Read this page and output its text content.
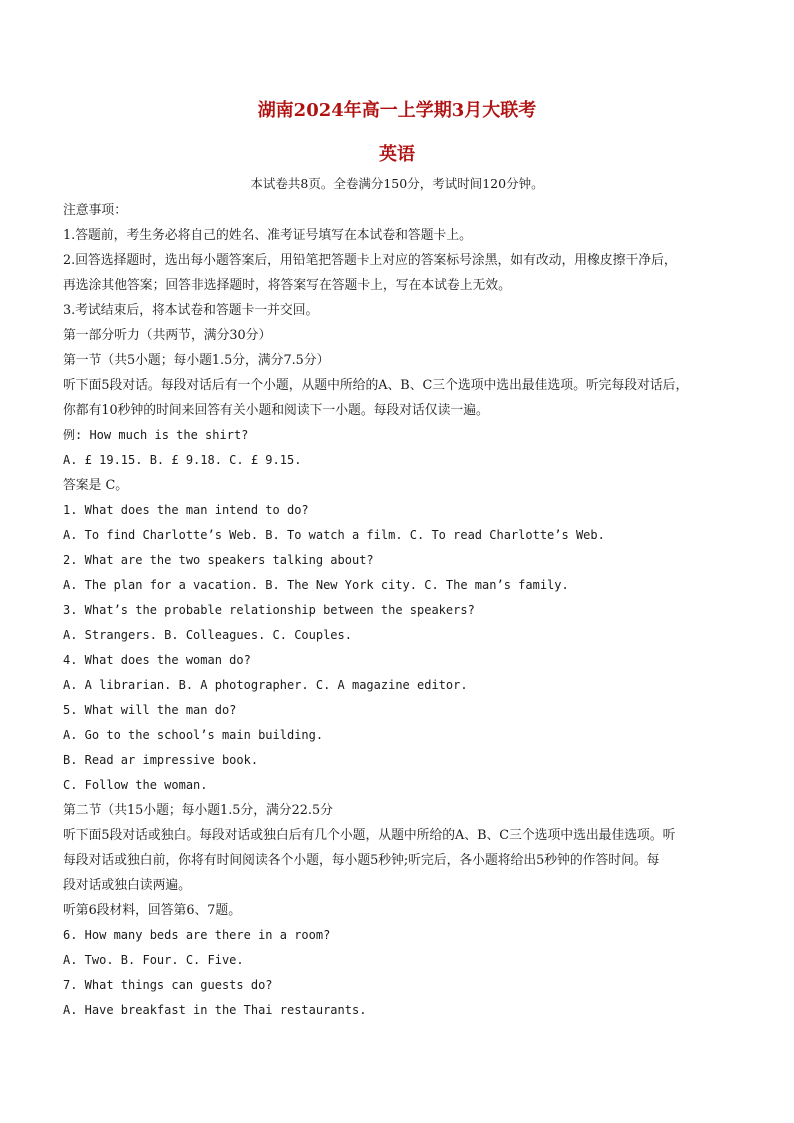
湖南2024年高一上学期3月大联考
英语
本试卷共8页。全卷满分150分，考试时间120分钟。
注意事项：
1.答题前，考生务必将自己的姓名、准考证号填写在本试卷和答题卡上。
2.回答选择题时，选出每小题答案后，用铅笔把答题卡上对应的答案标号涂黑，如有改动，用橡皮擦干净后，
再选涂其他答案；回答非选择题时，将答案写在答题卡上，写在本试卷上无效。
3.考试结束后，将本试卷和答题卡一并交回。
第一部分听力（共两节，满分30分）
第一节（共5小题；每小题1.5分，满分7.5分）
听下面5段对话。每段对话后有一个小题，从题中所给的A、B、C三个选项中选出最佳选项。听完每段对话后，
你都有10秒钟的时间来回答有关小题和阅读下一小题。每段对话仅读一遍。
例: How much is the shirt?
A. £ 19.15. B. £ 9.18. C. £ 9.15.
答案是 C。
1. What does the man intend to do?
A. To find Charlotte’s Web. B. To watch a film. C. To read Charlotte’s Web.
2. What are the two speakers talking about?
A. The plan for a vacation. B. The New York city. C. The man’s family.
3. What’s the probable relationship between the speakers?
A. Strangers. B. Colleagues. C. Couples.
4. What does the woman do?
A. A librarian. B. A photographer. C. A magazine editor.
5. What will the man do?
A. Go to the school’s main building.
B. Read ar impressive book.
C. Follow the woman.
第二节（共15小题；每小题1.5分，满分22.5分
听下面5段对话或独白。每段对话或独白后有几个小题，从题中所给的A、B、C三个选项中选出最佳选项。听
每段对话或独白前，你将有时间阅读各个小题，每小题5秒钟;听完后，各小题将给出5秒钟的作答时间。每
段对话或独白读两遍。
听第6段材料，回答第6、7题。
6. How many beds are there in a room?
A. Two. B. Four. C. Five.
7. What things can guests do?
A. Have breakfast in the Thai restaurants.
